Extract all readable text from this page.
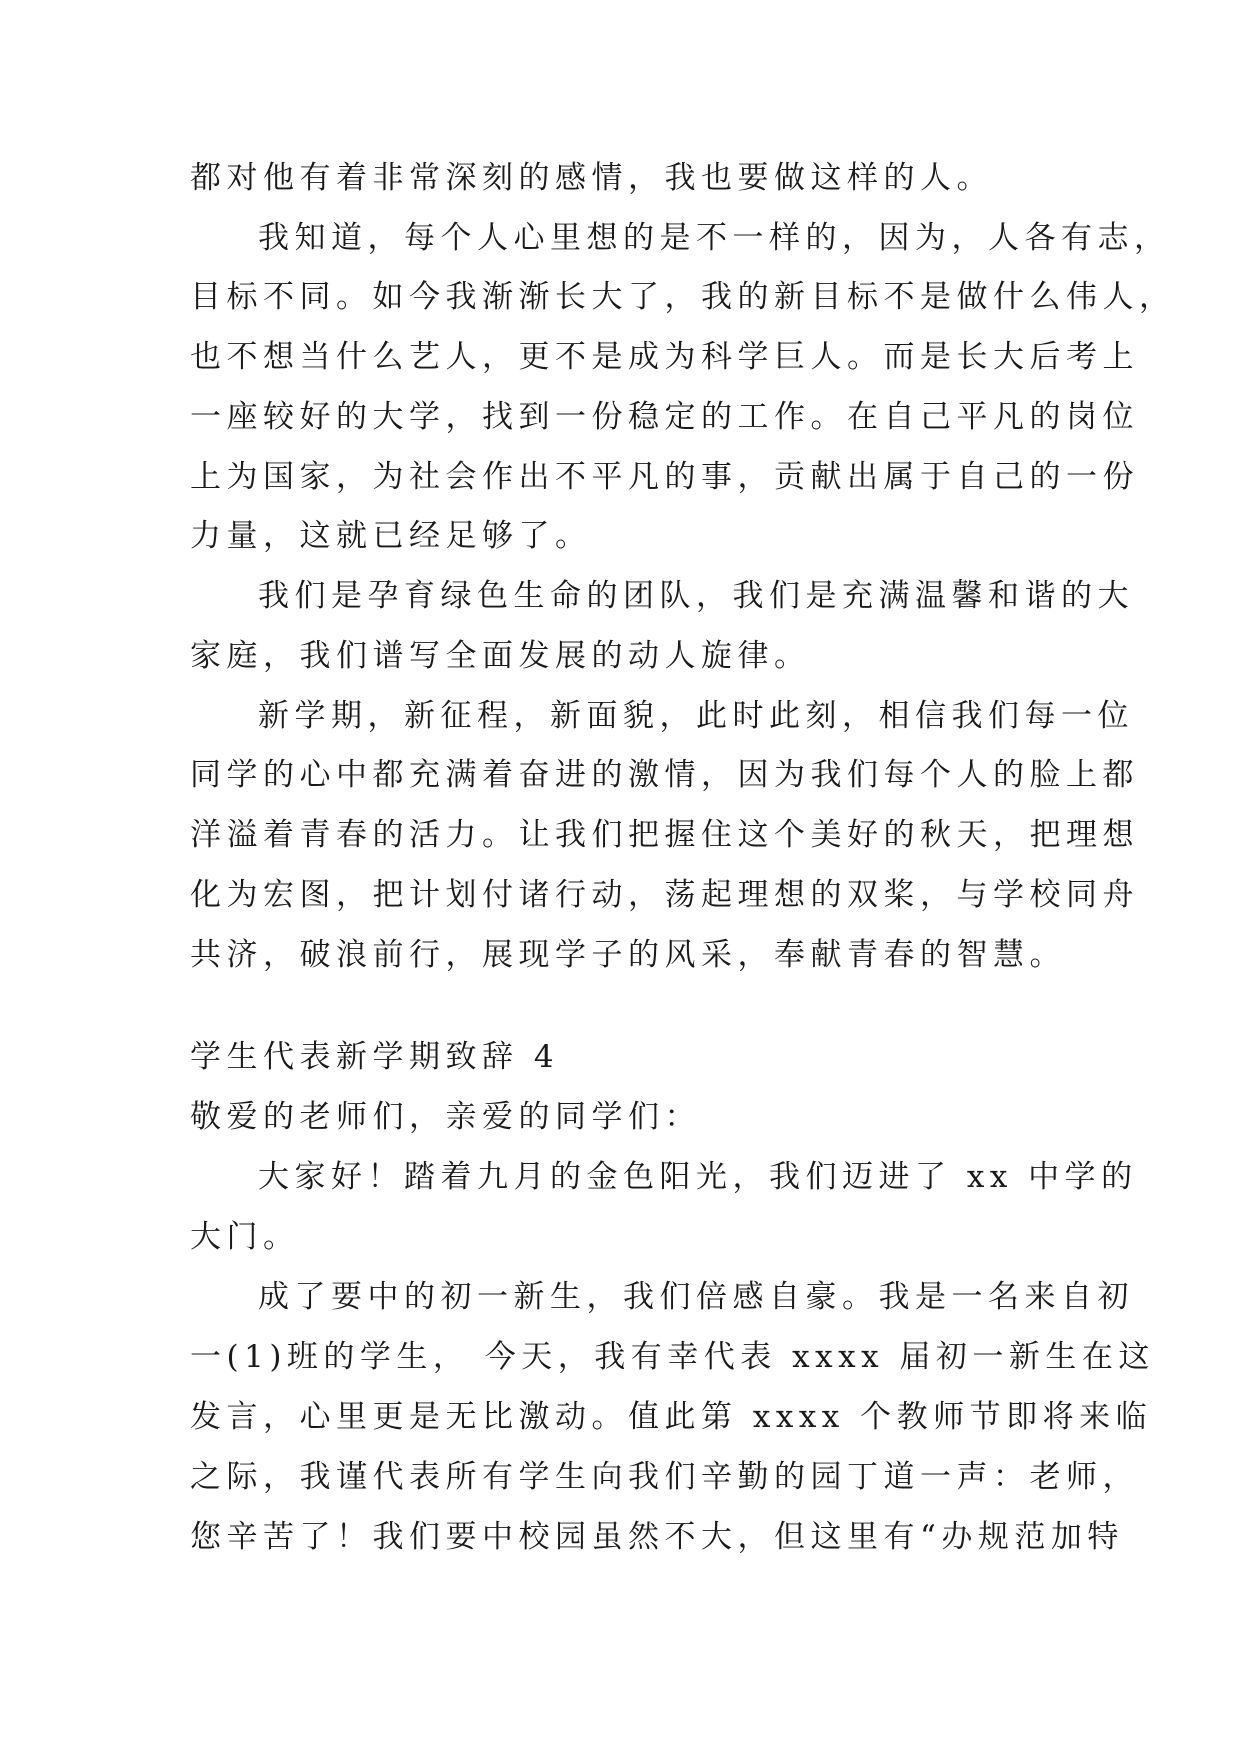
都对他有着非常深刻的感情，我也要做这样的人。
我知道，每个人心里想的是不一样的，因为，人各有志，
目标不同。如今我渐渐长大了，我的新目标不是做什么伟人，
也不想当什么艺人，更不是成为科学巨人。而是长大后考上
一座较好的大学，找到一份稳定的工作。在自己平凡的岗位
上为国家，为社会作出不平凡的事，贡献出属于自己的一份
力量，这就已经足够了。
我们是孕育绿色生命的团队，我们是充满温馨和谐的大
家庭，我们谱写全面发展的动人旋律。
新学期，新征程，新面貌，此时此刻，相信我们每一位
同学的心中都充满着奋进的激情，因为我们每个人的脸上都
洋溢着青春的活力。让我们把握住这个美好的秋天，把理想
化为宏图，把计划付诸行动，荡起理想的双桨，与学校同舟
共济，破浪前行，展现学子的风采，奉献青春的智慧。
学生代表新学期致辞 4
敬爱的老师们，亲爱的同学们：
大家好！踏着九月的金色阳光，我们迈进了 xx 中学的
大门。
成了要中的初一新生，我们倍感自豪。我是一名来自初
一(1)班的学生， 今天，我有幸代表 xxxx 届初一新生在这
发言，心里更是无比激动。值此第 xxxx 个教师节即将来临
之际，我谨代表所有学生向我们辛勤的园丁道一声：老师，
您辛苦了！我们要中校园虽然不大，但这里有“办规范加特
